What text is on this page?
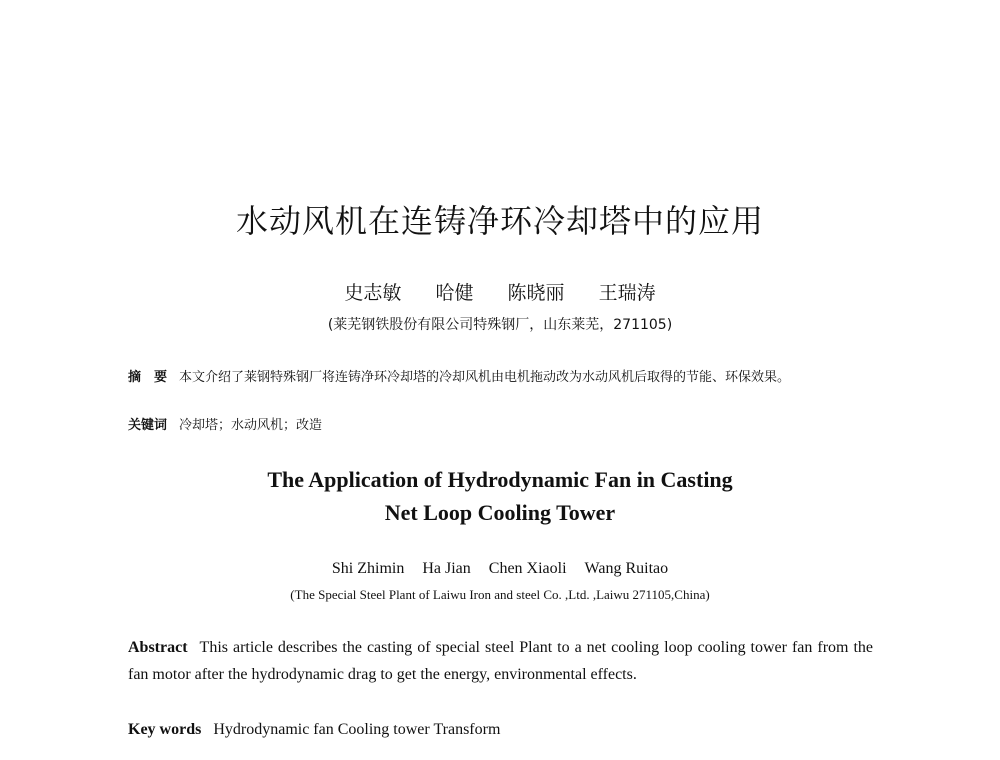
水动风机在连铸净环冷却塔中的应用
史志敏 哈健 陈晓丽 王瑞涛
(莱芜钢铁股份有限公司特殊钢厂，山东莱芜，271105)
摘　要 本文介绍了莱钢特殊钢厂将连铸净环冷却塔的冷却风机由电机拖动改为水动风机后取得的节能、环保效果。
关键词 冷却塔；水动风机；改造
The Application of Hydrodynamic Fan in Casting
Net Loop Cooling Tower
Shi Zhimin Ha Jian Chen Xiaoli Wang Ruitao
(The Special Steel Plant of Laiwu Iron and steel Co. ,Ltd. ,Laiwu 271105,China)
Abstract This article describes the casting of special steel Plant to a net cooling loop cooling tower fan from the fan motor after the hydrodynamic drag to get the energy, environmental effects.
Key words Hydrodynamic fan Cooling tower Transform
